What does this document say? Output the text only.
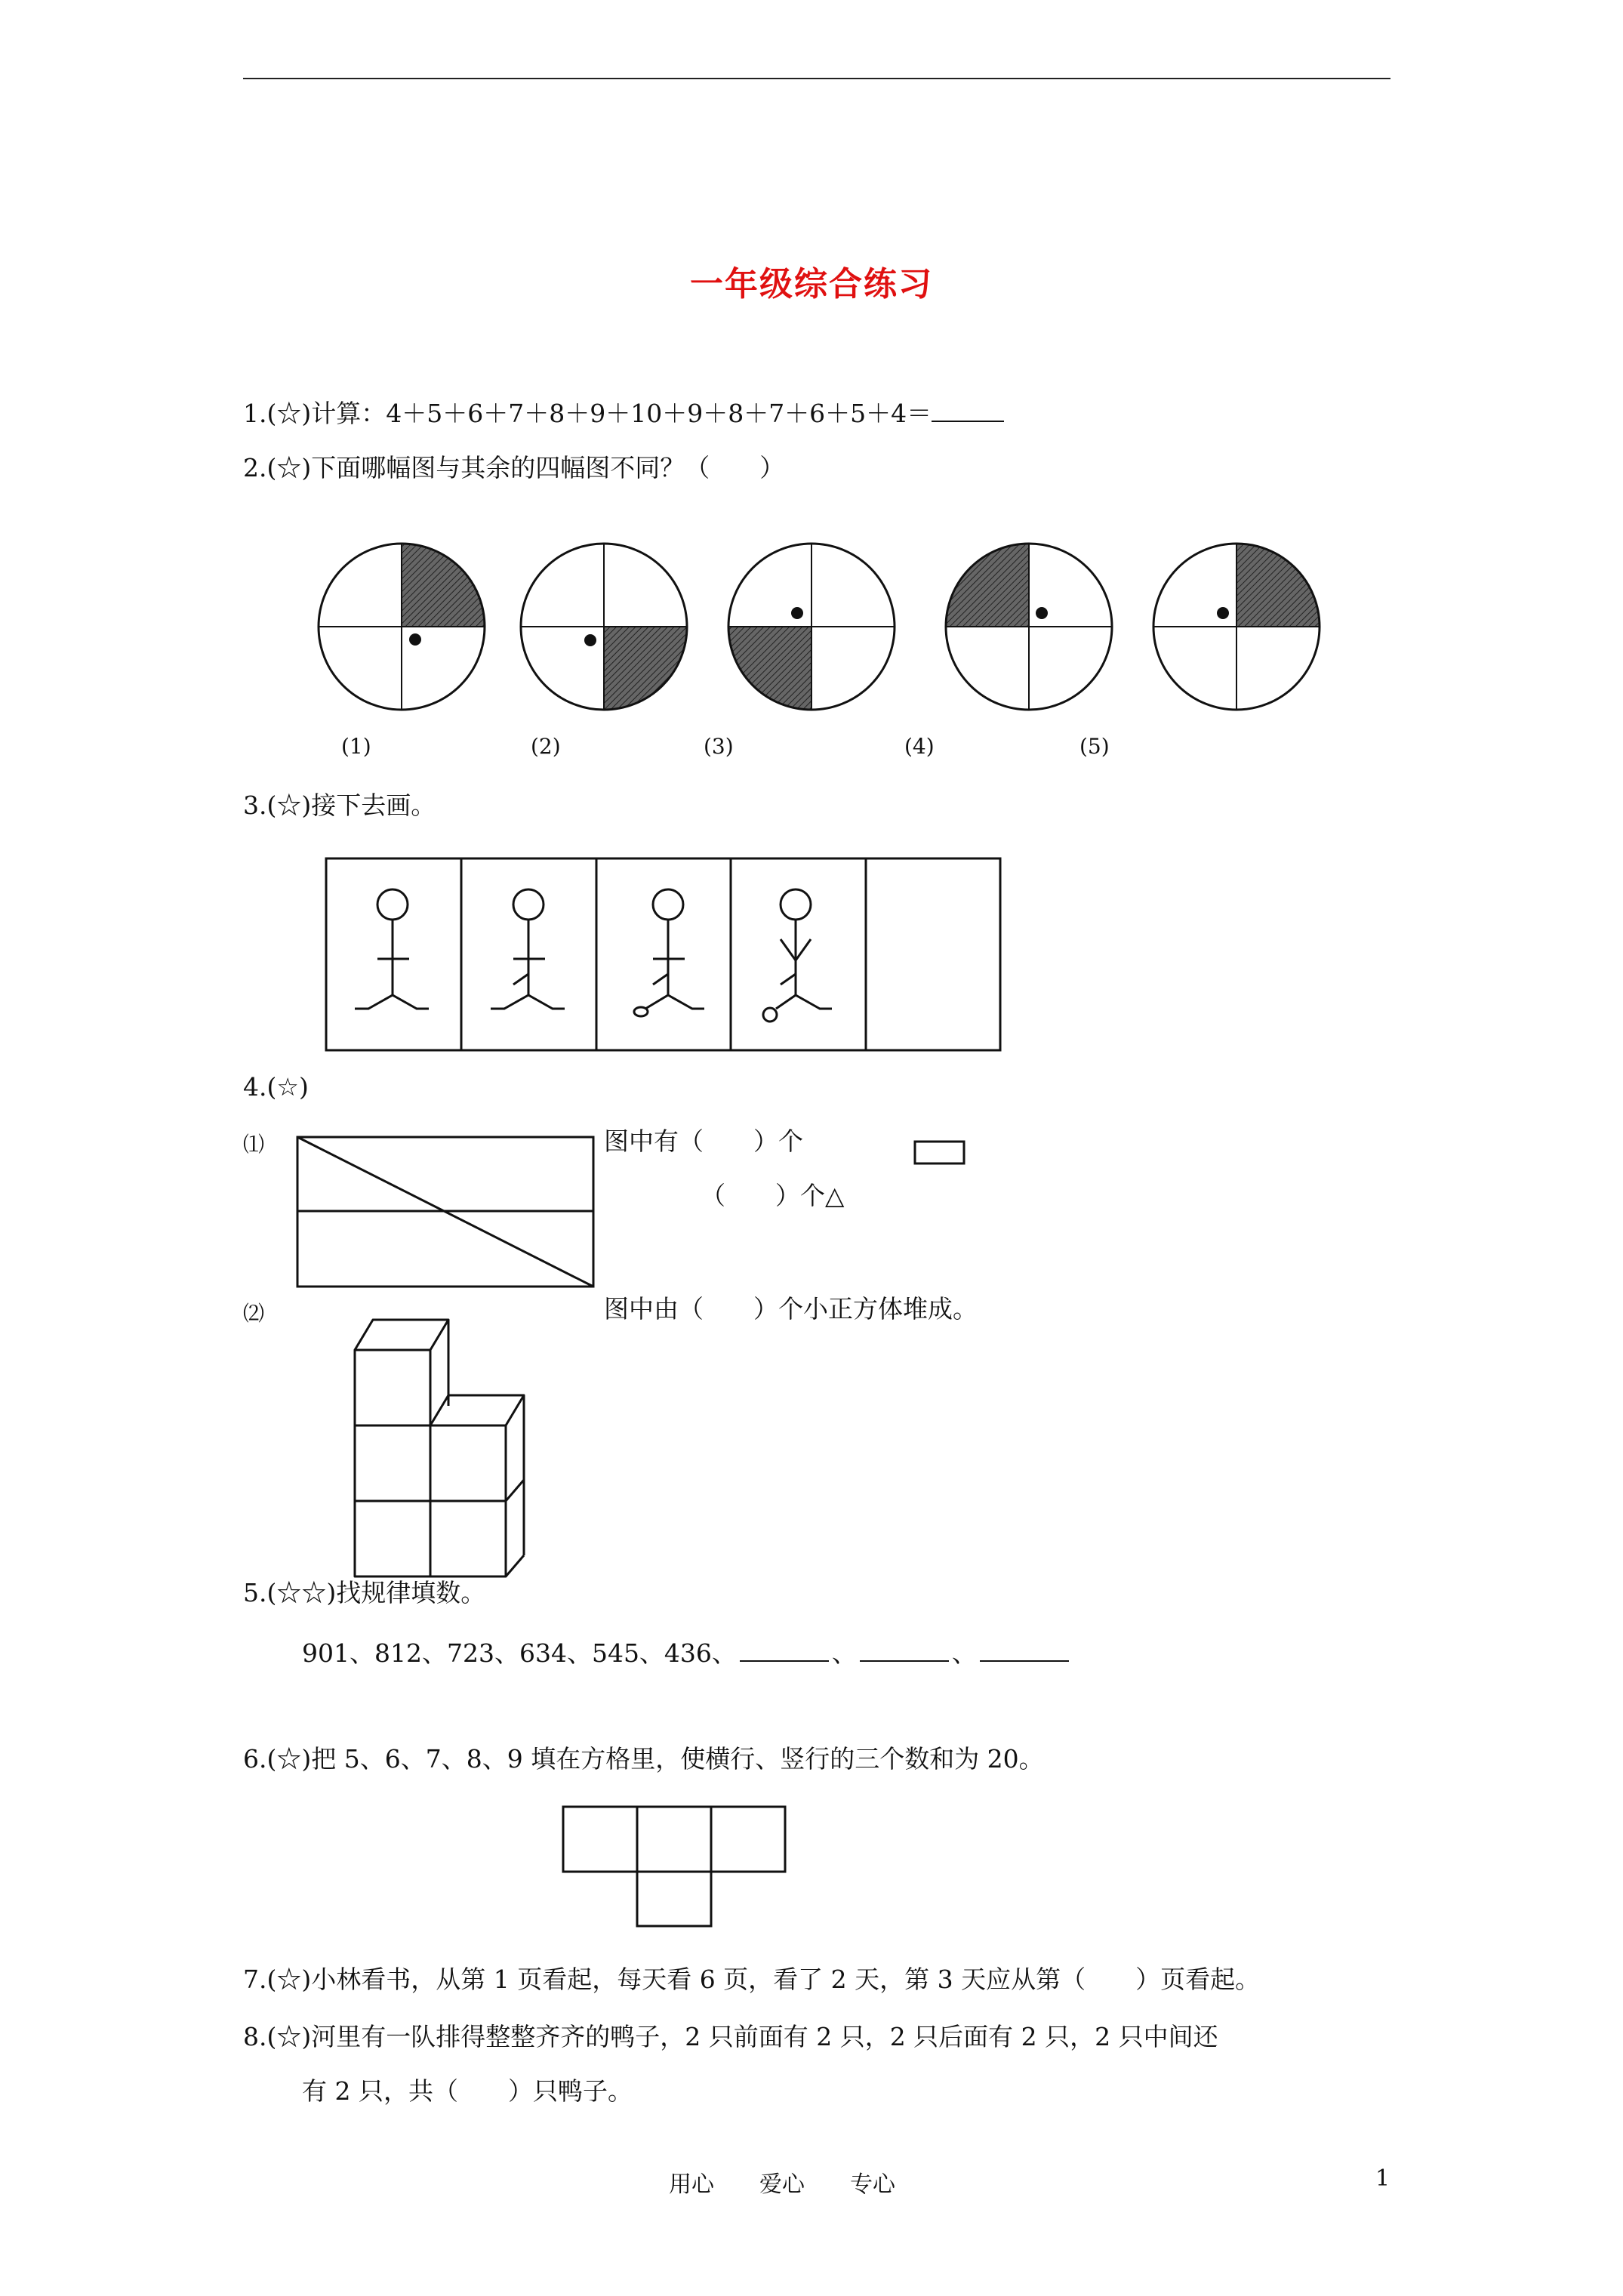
一年级综合练习
1.(☆)计算：4＋5＋6＋7＋8＋9＋10＋9＋8＋7＋6＋5＋4＝
2.(☆)下面哪幅图与其余的四幅图不同？（　　）
(1)	(2)	(3)	(4)	(5)
3.(☆)接下去画。
4.(☆)
⑴	图中有（　　）个
（　　）个△
⑵	图中由（　　）个小正方体堆成。
5.(☆☆)找规律填数。
901、812、723、634、545、436、	、	、
6.(☆)把 5、6、7、8、9 填在方格里，使横行、竖行的三个数和为 20。
7.(☆)小林看书，从第 1 页看起，每天看 6 页，看了 2 天，第 3 天应从第（　　）页看起。
8.(☆)河里有一队排得整整齐齐的鸭子，2 只前面有 2 只，2 只后面有 2 只，2 只中间还
有 2 只，共（　　）只鸭子。
用心　　爱心　　专心	1
